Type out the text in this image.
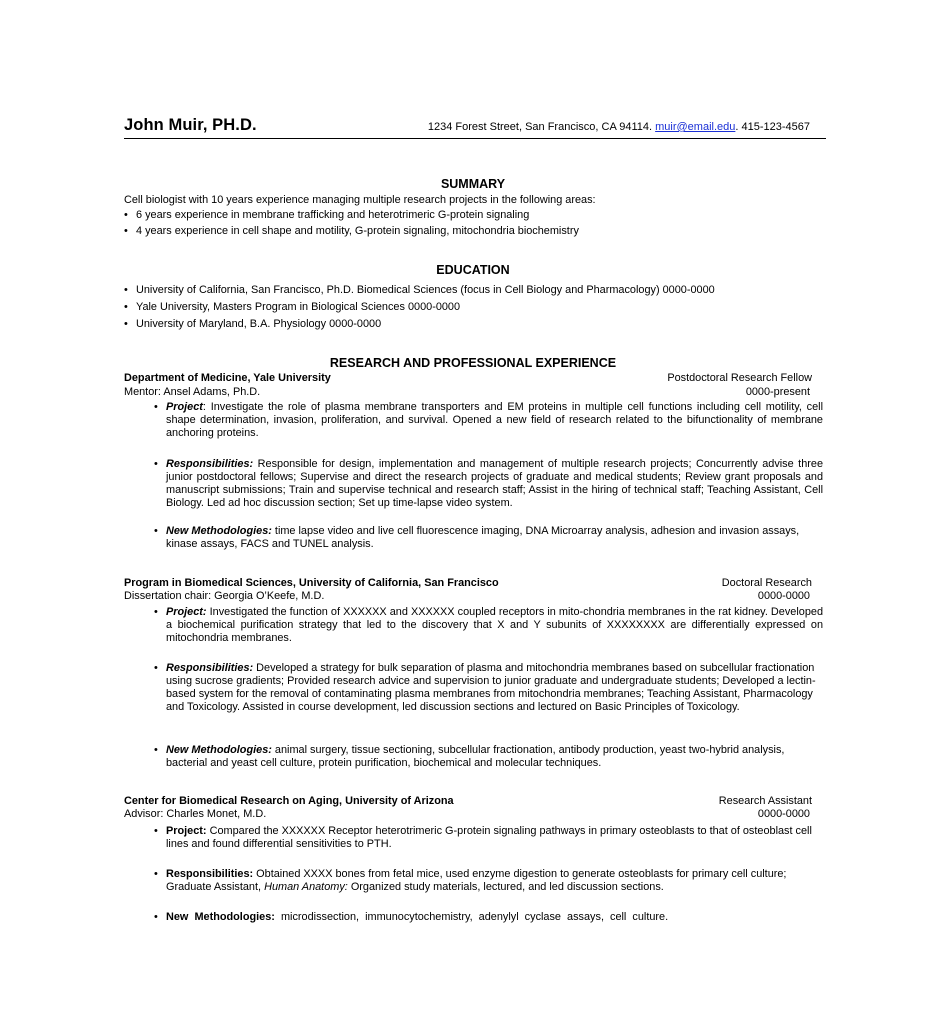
John Muir, PH.D.	1234 Forest Street, San Francisco, CA 94114. muir@email.edu. 415-123-4567
SUMMARY
Cell biologist with 10 years experience managing multiple research projects in the following areas:
• 6 years experience in membrane trafficking and heterotrimeric G-protein signaling
• 4 years experience in cell shape and motility, G-protein signaling, mitochondria biochemistry
EDUCATION
• University of California, San Francisco, Ph.D. Biomedical Sciences (focus in Cell Biology and Pharmacology) 0000-0000
• Yale University, Masters Program in Biological Sciences 0000-0000
• University of Maryland, B.A. Physiology 0000-0000
RESEARCH AND PROFESSIONAL EXPERIENCE
Department of Medicine, Yale University	Postdoctoral Research Fellow
Mentor: Ansel Adams, Ph.D.	0000-present
• Project: Investigate the role of plasma membrane transporters and EM proteins in multiple cell functions including cell motility, cell shape determination, invasion, proliferation, and survival. Opened a new field of research related to the bifunctionality of membrane anchoring proteins.
• Responsibilities: Responsible for design, implementation and management of multiple research projects; Concurrently advise three junior postdoctoral fellows; Supervise and direct the research projects of graduate and medical students; Review grant proposals and manuscript submissions; Train and supervise technical and research staff; Assist in the hiring of technical staff; Teaching Assistant, Cell Biology. Led ad hoc discussion section; Set up time-lapse video system.
• New Methodologies: time lapse video and live cell fluorescence imaging, DNA Microarray analysis, adhesion and invasion assays, kinase assays, FACS and TUNEL analysis.
Program in Biomedical Sciences, University of California, San Francisco	Doctoral Research
Dissertation chair: Georgia O’Keefe, M.D.	0000-0000
• Project: Investigated the function of XXXXXX and XXXXXX coupled receptors in mito-chondria membranes in the rat kidney. Developed a biochemical purification strategy that led to the discovery that X and Y subunits of XXXXXXXX are differentially expressed on mitochondria membranes.
• Responsibilities: Developed a strategy for bulk separation of plasma and mitochondria membranes based on subcellular fractionation using sucrose gradients; Provided research advice and supervision to junior graduate and undergraduate students; Developed a lectin-based system for the removal of contaminating plasma membranes from mitochondria membranes; Teaching Assistant, Pharmacology and Toxicology. Assisted in course development, led discussion sections and lectured on Basic Principles of Toxicology.
• New Methodologies: animal surgery, tissue sectioning, subcellular fractionation, antibody production, yeast two-hybrid analysis, bacterial and yeast cell culture, protein purification, biochemical and molecular techniques.
Center for Biomedical Research on Aging, University of Arizona	Research Assistant
Advisor: Charles Monet, M.D.	0000-0000
• Project: Compared the XXXXXX Receptor heterotrimeric G-protein signaling pathways in primary osteoblasts to that of osteoblast cell lines and found differential sensitivities to PTH.
• Responsibilities: Obtained XXXX bones from fetal mice, used enzyme digestion to generate osteoblasts for primary cell culture; Graduate Assistant, Human Anatomy: Organized study materials, lectured, and led discussion sections.
• New  Methodologies:  microdissection,  immunocytochemistry,  adenylyl  cyclase  assays,  cell  culture.
